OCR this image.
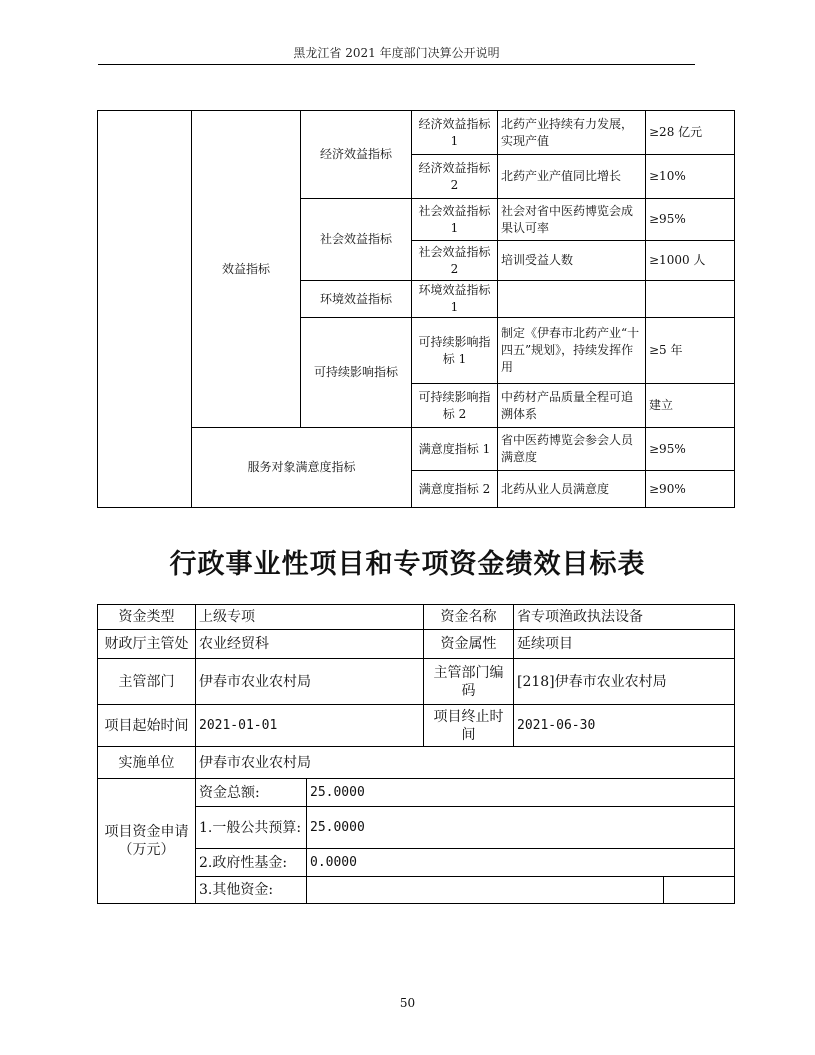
黑龙江省 2021 年度部门决算公开说明
	效益指标	经济效益指标	经济效益指标 1	北药产业持续有力发展，实现产值	≥28 亿元
			经济效益指标 2	北药产业产值同比增长	≥10%
		社会效益指标	社会效益指标 1	社会对省中医药博览会成果认可率	≥95%
			社会效益指标 2	培训受益人数	≥1000 人
		环境效益指标	环境效益指标 1		
		可持续影响指标	可持续影响指标 1	制定《伊春市北药产业“十四五”规划》，持续发挥作用	≥5 年
			可持续影响指标 2	中药材产品质量全程可追溯体系	建立
	服务对象满意度指标		满意度指标 1	省中医药博览会参会人员满意度	≥95%
			满意度指标 2	北药从业人员满意度	≥90%
行政事业性项目和专项资金绩效目标表
资金类型	上级专项		资金名称	省专项渔政执法设备	
财政厅主管处	农业经贸科		资金属性	延续项目	
主管部门	伊春市农业农村局		主管部门编码	[218]伊春市农业农村局	
项目起始时间	2021-01-01		项目终止时间	2021-06-30	
实施单位	伊春市农业农村局				
项目资金申请（万元）	资金总额:	25.0000			
	1.一般公共预算:	25.0000			
	2.政府性基金:	0.0000			
	3.其他资金:				
50
